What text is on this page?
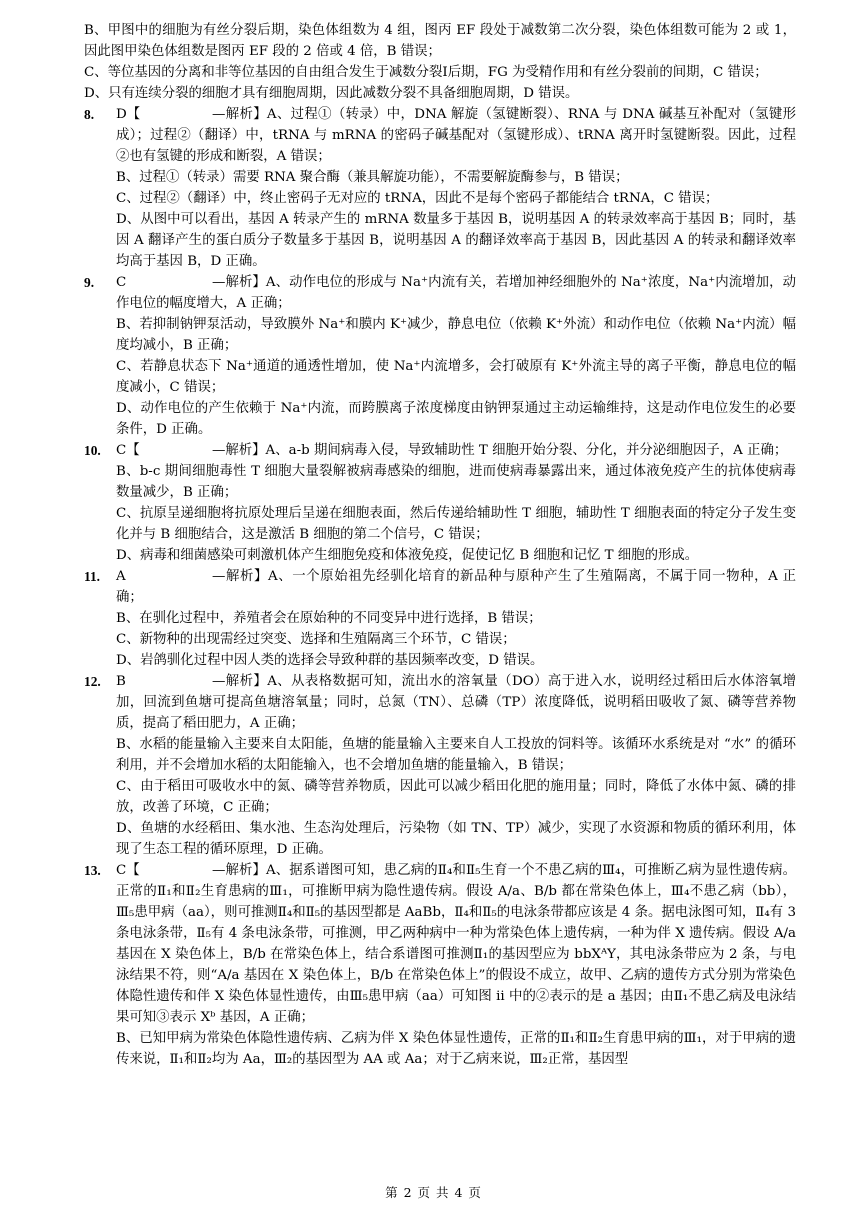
B、甲图中的细胞为有丝分裂后期，染色体组数为 4 组，图丙 EF 段处于减数第二次分裂，染色体组数可能为 2 或 1，因此图甲染色体组数是图丙 EF 段的 2 倍或 4 倍，B 错误；

C、等位基因的分离和非等位基因的自由组合发生于减数分裂Ⅰ后期，FG 为受精作用和有丝分裂前的间期，C 错误；

D、只有连续分裂的细胞才具有细胞周期，因此减数分裂不具备细胞周期，D 错误。

8. D【	—解析】A、过程①（转录）中，DNA 解旋（氢键断裂）、RNA 与 DNA 碱基互补配对（氢键形成）；过程②（翻译）中，tRNA 与 mRNA 的密码子碱基配对（氢键形成）、tRNA 离开时氢键断裂。因此，过程②也有氢键的形成和断裂，A 错误；

B、过程①（转录）需要 RNA 聚合酶（兼具解旋功能），不需要解旋酶参与，B 错误；

C、过程②（翻译）中，终止密码子无对应的 tRNA，因此不是每个密码子都能结合 tRNA，C 错误；

D、从图中可以看出，基因 A 转录产生的 mRNA 数量多于基因 B，说明基因 A 的转录效率高于基因 B；同时，基因 A 翻译产生的蛋白质分子数量多于基因 B，说明基因 A 的翻译效率高于基因 B，因此基因 A 的转录和翻译效率均高于基因 B，D 正确。

9. C	—解析】A、动作电位的形成与 Na⁺内流有关，若增加神经细胞外的 Na⁺浓度，Na⁺内流增加，动作电位的幅度增大，A 正确；

B、若抑制钠钾泵活动，导致膜外 Na⁺和膜内 K⁺减少，静息电位（依赖 K⁺外流）和动作电位（依赖 Na⁺内流）幅度均减小，B 正确；

C、若静息状态下 Na⁺通道的通透性增加，使 Na⁺内流增多，会打破原有 K⁺外流主导的离子平衡，静息电位的幅度减小，C 错误；

D、动作电位的产生依赖于 Na⁺内流，而跨膜离子浓度梯度由钠钾泵通过主动运输维持，这是动作电位发生的必要条件，D 正确。

10. C【	—解析】A、a-b 期间病毒入侵，导致辅助性 T 细胞开始分裂、分化，并分泌细胞因子，A 正确；

B、b-c 期间细胞毒性 T 细胞大量裂解被病毒感染的细胞，进而使病毒暴露出来，通过体液免疫产生的抗体使病毒数量减少，B 正确；

C、抗原呈递细胞将抗原处理后呈递在细胞表面，然后传递给辅助性 T 细胞，辅助性 T 细胞表面的特定分子发生变化并与 B 细胞结合，这是激活 B 细胞的第二个信号，C 错误；

D、病毒和细菌感染可刺激机体产生细胞免疫和体液免疫，促使记忆 B 细胞和记忆 T 细胞的形成。

11. A	—解析】A、一个原始祖先经驯化培育的新品种与原种产生了生殖隔离，不属于同一物种，A 正确；

B、在驯化过程中，养殖者会在原始种的不同变异中进行选择，B 错误；

C、新物种的出现需经过突变、选择和生殖隔离三个环节，C 错误；

D、岩鸽驯化过程中因人类的选择会导致种群的基因频率改变，D 错误。

12. B	—解析】A、从表格数据可知，流出水的溶氧量（DO）高于进入水，说明经过稻田后水体溶氧增加，回流到鱼塘可提高鱼塘溶氧量；同时，总氮（TN）、总磷（TP）浓度降低，说明稻田吸收了氮、磷等营养物质，提高了稻田肥力，A 正确；

B、水稻的能量输入主要来自太阳能，鱼塘的能量输入主要来自人工投放的饲料等。该循环水系统是对 “水” 的循环利用，并不会增加水稻的太阳能输入，也不会增加鱼塘的能量输入，B 错误；

C、由于稻田可吸收水中的氮、磷等营养物质，因此可以减少稻田化肥的施用量；同时，降低了水体中氮、磷的排放，改善了环境，C 正确；

D、鱼塘的水经稻田、集水池、生态沟处理后，污染物（如 TN、TP）减少，实现了水资源和物质的循环利用，体现了生态工程的循环原理，D 正确。

13. C【	—解析】A、据系谱图可知，患乙病的Ⅱ₄和Ⅱ₅生育一个不患乙病的Ⅲ₄，可推断乙病为显性遗传病。正常的Ⅱ₁和Ⅱ₂生育患病的Ⅲ₁，可推断甲病为隐性遗传病。假设 A/a、B/b 都在常染色体上，Ⅲ₄不患乙病（bb），Ⅲ₅患甲病（aa），则可推测Ⅱ₄和Ⅱ₅的基因型都是 AaBb，Ⅱ₄和Ⅱ₅的电泳条带都应该是 4 条。据电泳图可知，Ⅱ₄有 3 条电泳条带，Ⅱ₅有 4 条电泳条带，可推测，甲乙两种病中一种为常染色体上遗传病，一种为伴 X 遗传病。假设 A/a 基因在 X 染色体上，B/b 在常染色体上，结合系谱图可推测Ⅱ₁的基因型应为 bbXᴬY，其电泳条带应为 2 条，与电泳结果不符，则“A/a 基因在 X 染色体上，B/b 在常染色体上”的假设不成立，故甲、乙病的遗传方式分别为常染色体隐性遗传和伴 X 染色体显性遗传，由Ⅲ₅患甲病（aa）可知图 ii 中的②表示的是 a 基因；由Ⅱ₁不患乙病及电泳结果可知③表示 Xᵇ 基因，A 正确；

B、已知甲病为常染色体隐性遗传病、乙病为伴 X 染色体显性遗传，正常的Ⅱ₁和Ⅱ₂生育患甲病的Ⅲ₁，对于甲病的遗传来说，Ⅱ₁和Ⅱ₂均为 Aa，Ⅲ₂的基因型为 AA 或 Aa；对于乙病来说，Ⅲ₂正常，基因型

第 2 页 共 4 页
